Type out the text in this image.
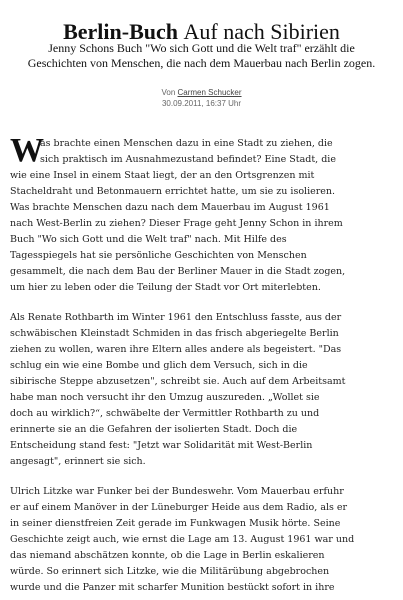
Berlin-Buch Auf nach Sibirien
Jenny Schons Buch "Wo sich Gott und die Welt traf" erzählt die
Geschichten von Menschen, die nach dem Mauerbau nach Berlin zogen.
Von Carmen Schucker
30.09.2011, 16:37 Uhr
W
as brachte einen Menschen dazu in eine Stadt zu ziehen, die
sich praktisch im Ausnahmezustand befindet? Eine Stadt, die
wie eine Insel in einem Staat liegt, der an den Ortsgrenzen mit
Stacheldraht und Betonmauern errichtet hatte, um sie zu isolieren.
Was brachte Menschen dazu nach dem Mauerbau im August 1961
nach West-Berlin zu ziehen? Dieser Frage geht Jenny Schon in ihrem
Buch "Wo sich Gott und die Welt traf" nach. Mit Hilfe des
Tagesspiegels hat sie persönliche Geschichten von Menschen
gesammelt, die nach dem Bau der Berliner Mauer in die Stadt zogen,
um hier zu leben oder die Teilung der Stadt vor Ort miterlebten.
Als Renate Rothbarth im Winter 1961 den Entschluss fasste, aus der
schwäbischen Kleinstadt Schmiden in das frisch abgeriegelte Berlin
ziehen zu wollen, waren ihre Eltern alles andere als begeistert. "Das
schlug ein wie eine Bombe und glich dem Versuch, sich in die
sibirische Steppe abzusetzen", schreibt sie. Auch auf dem Arbeitsamt
habe man noch versucht ihr den Umzug auszureden. „Wollet sie
doch au wirklich?“, schwäbelte der Vermittler Rothbarth zu und
erinnerte sie an die Gefahren der isolierten Stadt. Doch die
Entscheidung stand fest: "Jetzt war Solidarität mit West-Berlin
angesagt", erinnert sie sich.
Ulrich Litzke war Funker bei der Bundeswehr. Vom Mauerbau erfuhr
er auf einem Manöver in der Lüneburger Heide aus dem Radio, als er
in seiner dienstfreien Zeit gerade im Funkwagen Musik hörte. Seine
Geschichte zeigt auch, wie ernst die Lage am 13. August 1961 war und
das niemand abschätzen konnte, ob die Lage in Berlin eskalieren
würde. So erinnert sich Litzke, wie die Militärübung abgebrochen
wurde und die Panzer mit scharfer Munition bestückt sofort in ihre
